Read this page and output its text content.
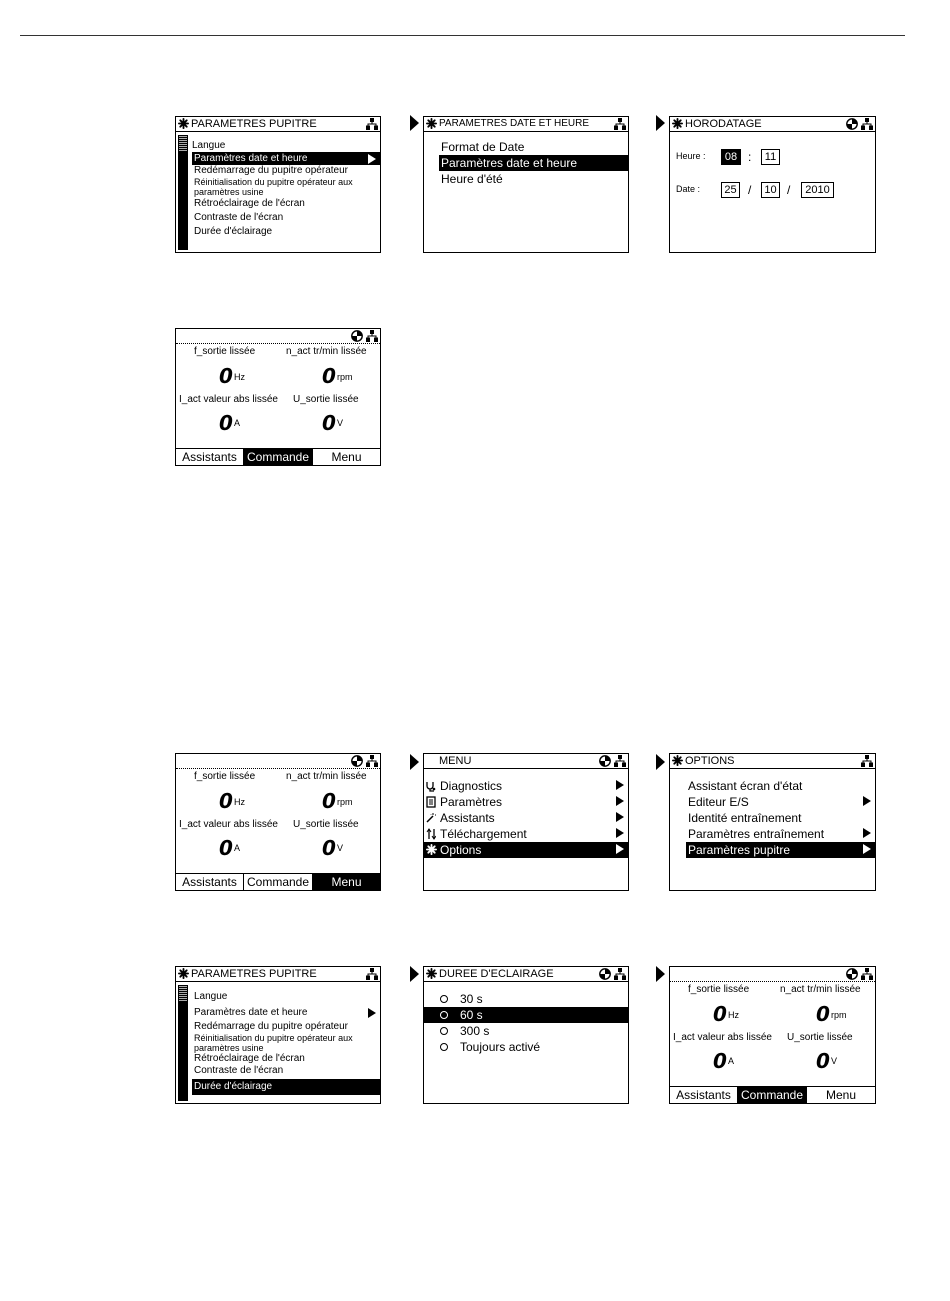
PARAMETRES PUPITRE
Langue
Paramètres date et heure
Redémarrage du pupitre opérateur
Réinitialisation du pupitre opérateur aux paramètres usine
Rétroéclairage de l'écran
Contraste de l'écran
Durée d'éclairage
PARAMETRES DATE ET HEURE
Format de Date
Paramètres date et heure
Heure d'été
HORODATAGE
Heure :	08 :	11
Date :	25 /	10 /	2010
f_sortie lissée	n_act tr/min lissée
0 Hz	0 rpm
I_act valeur abs lissée U_sortie lissée
0 A	0 V
Assistants Commande	Menu
f_sortie lissée	n_act tr/min lissée
0 Hz	0 rpm
I_act valeur abs lissée U_sortie lissée
0 A	0 V
Assistants Commande	Menu
MENU
Diagnostics
Paramètres
Assistants
Téléchargement
Options
OPTIONS
Assistant écran d'état
Editeur E/S
Identité entraînement
Paramètres entraînement
Paramètres pupitre
PARAMETRES PUPITRE
Langue
Paramètres date et heure
Redémarrage du pupitre opérateur
Réinitialisation du pupitre opérateur aux paramètres usine
Rétroéclairage de l'écran
Contraste de l'écran
Durée d'éclairage
DUREE D'ECLAIRAGE
30 s
60 s
300 s
Toujours activé
f_sortie lissée	n_act tr/min lissée
0 Hz	0 rpm
I_act valeur abs lissée U_sortie lissée
0 A	0 V
Assistants Commande	Menu
